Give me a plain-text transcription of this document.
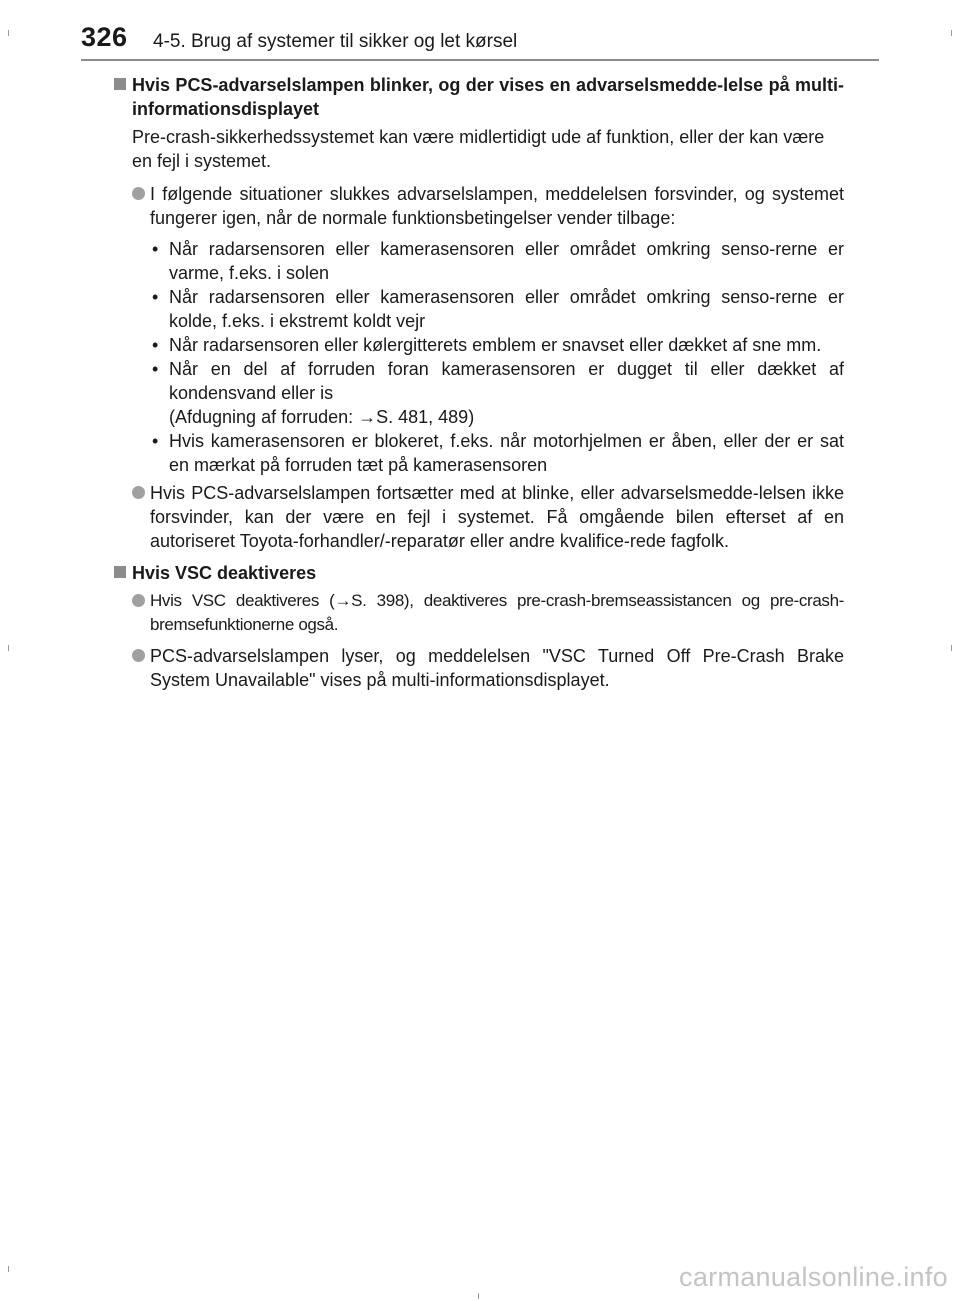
326 4-5. Brug af systemer til sikker og let kørsel
Hvis PCS-advarselslampen blinker, og der vises en advarselsmedde-lelse på multi-informationsdisplayet
Pre-crash-sikkerhedssystemet kan være midlertidigt ude af funktion, eller der kan være en fejl i systemet.
I følgende situationer slukkes advarselslampen, meddelelsen forsvinder, og systemet fungerer igen, når de normale funktionsbetingelser vender tilbage:
• Når radarsensoren eller kamerasensoren eller området omkring senso-rerne er varme, f.eks. i solen
• Når radarsensoren eller kamerasensoren eller området omkring senso-rerne er kolde, f.eks. i ekstremt koldt vejr
• Når radarsensoren eller kølergitterets emblem er snavset eller dækket af sne mm.
• Når en del af forruden foran kamerasensoren er dugget til eller dækket af kondensvand eller is
(Afdugning af forruden: →S. 481, 489)
• Hvis kamerasensoren er blokeret, f.eks. når motorhjelmen er åben, eller der er sat en mærkat på forruden tæt på kamerasensoren
Hvis PCS-advarselslampen fortsætter med at blinke, eller advarselsmedde-lelsen ikke forsvinder, kan der være en fejl i systemet. Få omgående bilen efterset af en autoriseret Toyota-forhandler/-reparatør eller andre kvalifice-rede fagfolk.
Hvis VSC deaktiveres
Hvis VSC deaktiveres (→S. 398), deaktiveres pre-crash-bremseassistancen og pre-crash-bremsefunktionerne også.
PCS-advarselslampen lyser, og meddelelsen "VSC Turned Off Pre-Crash Brake System Unavailable" vises på multi-informationsdisplayet.
carmanualsonline.info
